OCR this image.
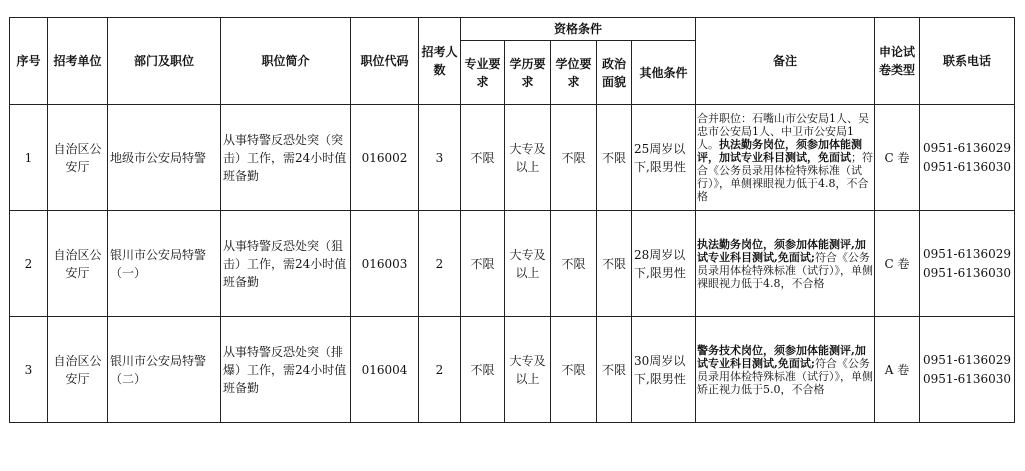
序号	招考单位	部门及职位	职位简介	职位代码	招考人数	资格条件					备注	申论试卷类型	联系电话
						专业要求	学历要求	学位要求	政治面貌	其他条件			
1	自治区公安厅	地级市公安局特警	从事特警反恐处突（突击）工作，需24小时值班备勤	016002	3	不限	大专及以上	不限	不限	25周岁以下,限男性	合并职位：石嘴山市公安局1人、吴忠市公安局1人、中卫市公安局1人。执法勤务岗位，须参加体能测评，加试专业科目测试，免面试；符合《公务员录用体检特殊标准（试行）》，单侧裸眼视力低于4.8，不合格	C 卷	0951-6136029
0951-6136030

2	自治区公安厅	银川市公安局特警（一）	从事特警反恐处突（狙击）工作，需24小时值班备勤	016003	2	不限	大专及以上	不限	不限	28周岁以下,限男性	执法勤务岗位，须参加体能测评,加试专业科目测试,免面试;符合《公务员录用体检特殊标准（试行）》，单侧裸眼视力低于4.8，不合格	C 卷	0951-6136029
0951-6136030

3	自治区公安厅	银川市公安局特警（二）	从事特警反恐处突（排爆）工作，需24小时值班备勤	016004	2	不限	大专及以上	不限	不限	30周岁以下,限男性	警务技术岗位，须参加体能测评,加试专业科目测试,免面试;符合《公务员录用体检特殊标准（试行）》，单侧矫正视力低于5.0，不合格	A 卷	0951-6136029
0951-6136030
